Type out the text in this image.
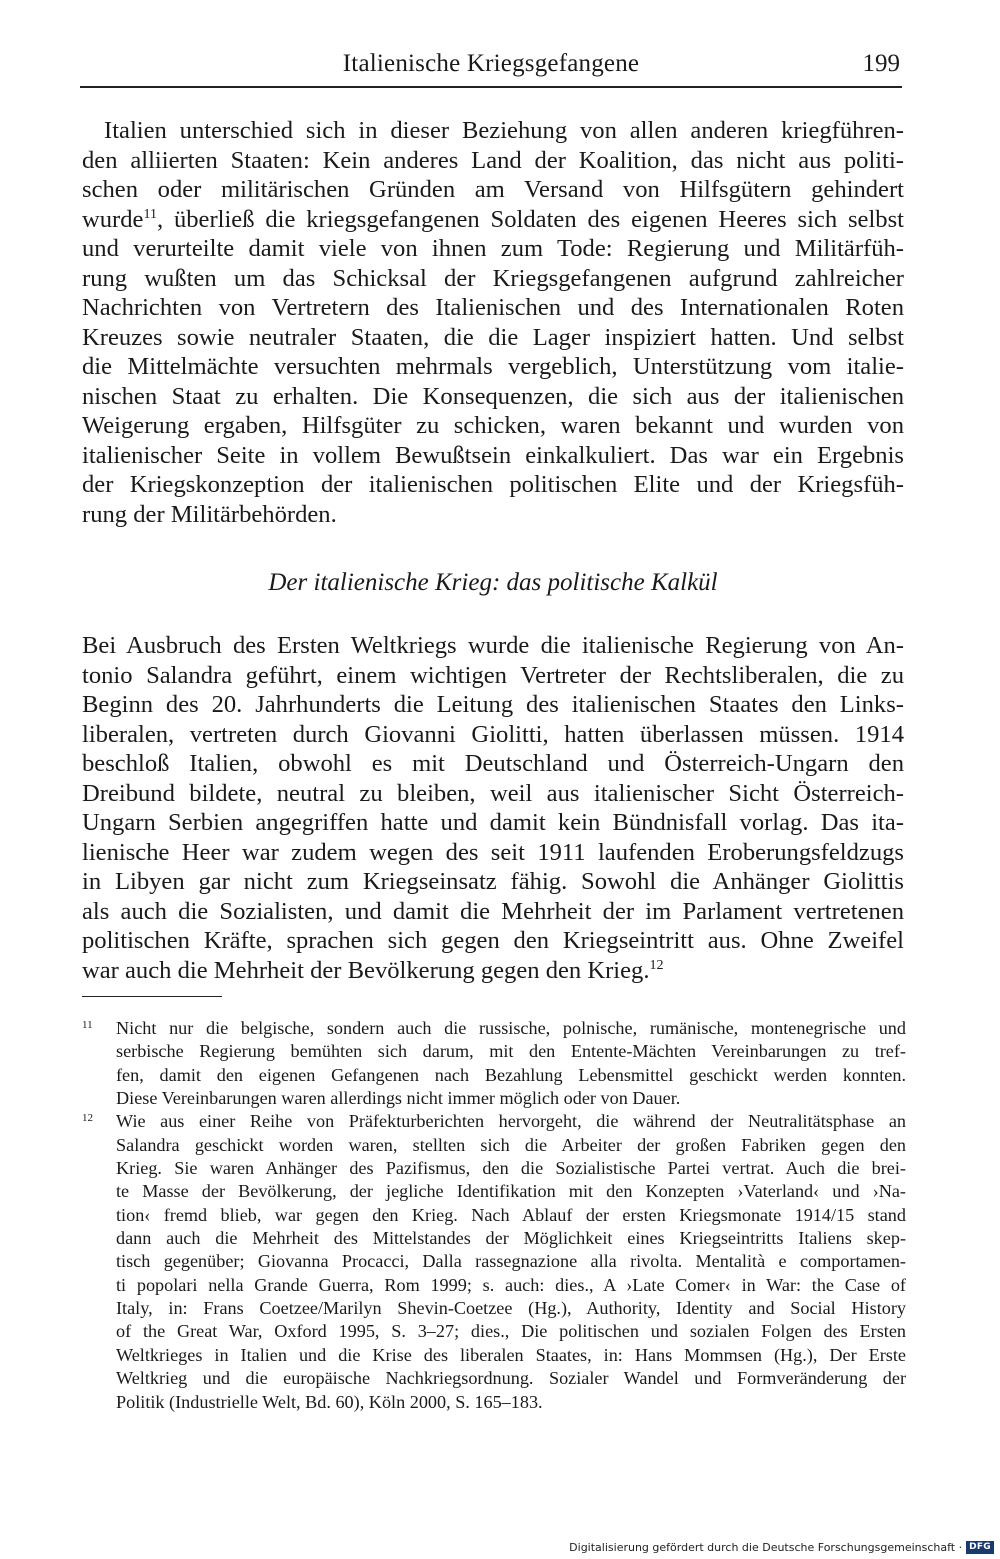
Italienische Kriegsgefangene	199
Italien unterschied sich in dieser Beziehung von allen anderen kriegführen-
den alliierten Staaten: Kein anderes Land der Koalition, das nicht aus politi-
schen oder militärischen Gründen am Versand von Hilfsgütern gehindert
wurde$^{11}$, überließ die kriegsgefangenen Soldaten des eigenen Heeres sich selbst
und verurteilte damit viele von ihnen zum Tode: Regierung und Militärfüh-
rung wußten um das Schicksal der Kriegsgefangenen aufgrund zahlreicher
Nachrichten von Vertretern des Italienischen und des Internationalen Roten
Kreuzes sowie neutraler Staaten, die die Lager inspiziert hatten. Und selbst
die Mittelmächte versuchten mehrmals vergeblich, Unterstützung vom italie-
nischen Staat zu erhalten. Die Konsequenzen, die sich aus der italienischen
Weigerung ergaben, Hilfsgüter zu schicken, waren bekannt und wurden von
italienischer Seite in vollem Bewußtsein einkalkuliert. Das war ein Ergebnis
der Kriegskonzeption der italienischen politischen Elite und der Kriegsfüh-
rung der Militärbehörden.
Der italienische Krieg: das politische Kalkül
Bei Ausbruch des Ersten Weltkriegs wurde die italienische Regierung von An-
tonio Salandra geführt, einem wichtigen Vertreter der Rechtsliberalen, die zu
Beginn des 20. Jahrhunderts die Leitung des italienischen Staates den Links-
liberalen, vertreten durch Giovanni Giolitti, hatten überlassen müssen. 1914
beschloß Italien, obwohl es mit Deutschland und Österreich-Ungarn den
Dreibund bildete, neutral zu bleiben, weil aus italienischer Sicht Österreich-
Ungarn Serbien angegriffen hatte und damit kein Bündnisfall vorlag. Das ita-
lienische Heer war zudem wegen des seit 1911 laufenden Eroberungsfeldzugs
in Libyen gar nicht zum Kriegseinsatz fähig. Sowohl die Anhänger Giolittis
als auch die Sozialisten, und damit die Mehrheit der im Parlament vertretenen
politischen Kräfte, sprachen sich gegen den Kriegseintritt aus. Ohne Zweifel
war auch die Mehrheit der Bevölkerung gegen den Krieg.$^{12}$
11 Nicht nur die belgische, sondern auch die russische, polnische, rumänische, montenegrische und
serbische Regierung bemühten sich darum, mit den Entente-Mächten Vereinbarungen zu tref-
fen, damit den eigenen Gefangenen nach Bezahlung Lebensmittel geschickt werden konnten.
Diese Vereinbarungen waren allerdings nicht immer möglich oder von Dauer.
12 Wie aus einer Reihe von Präfekturberichten hervorgeht, die während der Neutralitätsphase an
Salandra geschickt worden waren, stellten sich die Arbeiter der großen Fabriken gegen den
Krieg. Sie waren Anhänger des Pazifismus, den die Sozialistische Partei vertrat. Auch die brei-
te Masse der Bevölkerung, der jegliche Identifikation mit den Konzepten ›Vaterland‹ und ›Na-
tion‹ fremd blieb, war gegen den Krieg. Nach Ablauf der ersten Kriegsmonate 1914/15 stand
dann auch die Mehrheit des Mittelstandes der Möglichkeit eines Kriegseintritts Italiens skep-
tisch gegenüber; Giovanna Procacci, Dalla rassegnazione alla rivolta. Mentalità e comportamen-
ti popolari nella Grande Guerra, Rom 1999; s. auch: dies., A ›Late Comer‹ in War: the Case of
Italy, in: Frans Coetzee/Marilyn Shevin-Coetzee (Hg.), Authority, Identity and Social History
of the Great War, Oxford 1995, S. 3–27; dies., Die politischen und sozialen Folgen des Ersten
Weltkrieges in Italien und die Krise des liberalen Staates, in: Hans Mommsen (Hg.), Der Erste
Weltkrieg und die europäische Nachkriegsordnung. Sozialer Wandel und Formveränderung der
Politik (Industrielle Welt, Bd. 60), Köln 2000, S. 165–183.
Digitalisierung gefördert durch die Deutsche Forschungsgemeinschaft · DFG
